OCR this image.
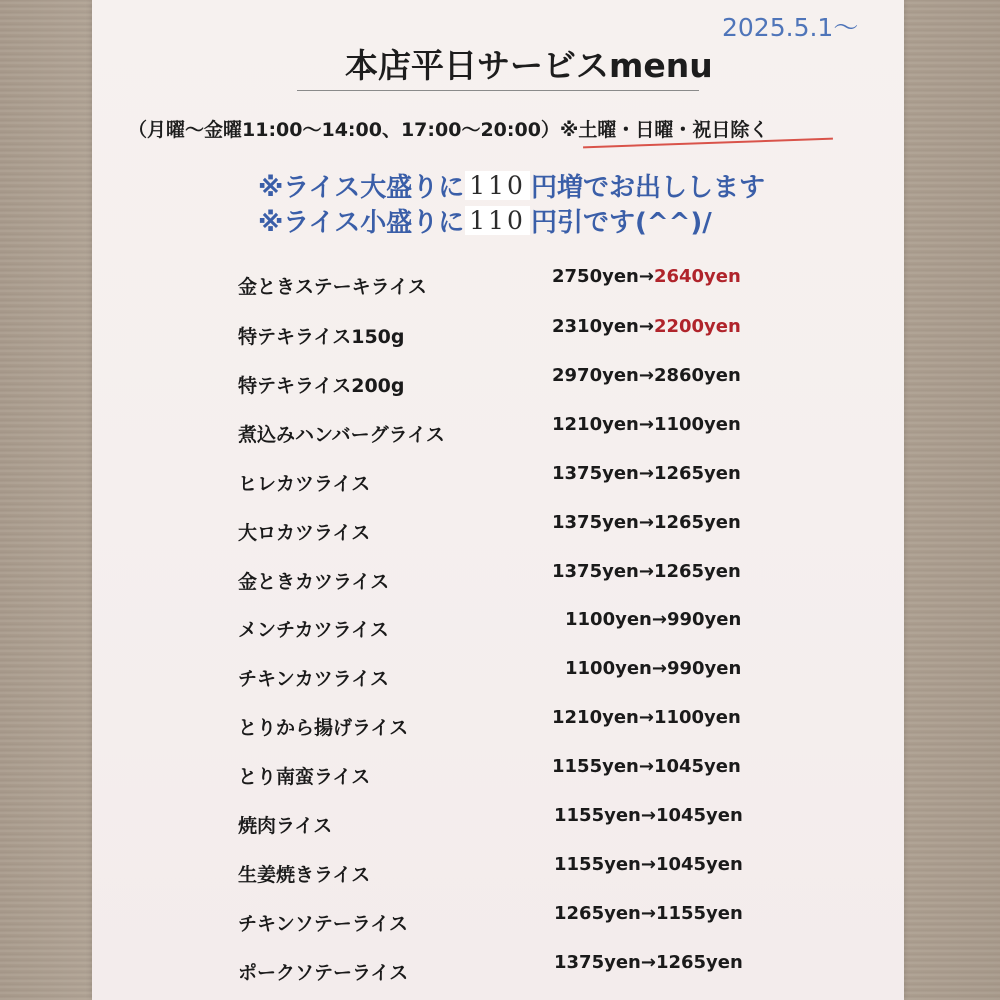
2025.5.1～
本店平日サービスmenu
（月曜～金曜11:00～14:00、17:00～20:00）※土曜・日曜・祝日除く
※ライス大盛りに 110 円増でお出しします
※ライス小盛りに 110 円引です(^^)/
金ときステーキライス	2750yen→2640yen
特テキライス150g	2310yen→2200yen
特テキライス200g	2970yen→2860yen
煮込みハンバーグライス	1210yen→1100yen
ヒレカツライス	1375yen→1265yen
大ロカツライス	1375yen→1265yen
金ときカツライス	1375yen→1265yen
メンチカツライス	1100yen→990yen
チキンカツライス	1100yen→990yen
とりから揚げライス	1210yen→1100yen
とり南蛮ライス	1155yen→1045yen
焼肉ライス	1155yen→1045yen
生姜焼きライス	1155yen→1045yen
チキンソテーライス	1265yen→1155yen
ポークソテーライス	1375yen→1265yen
